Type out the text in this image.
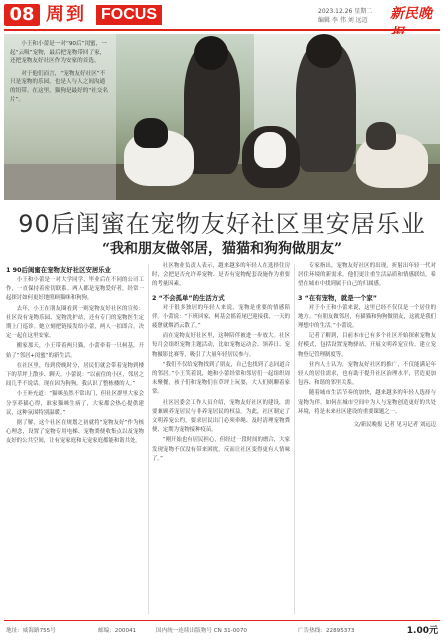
08 周到 FOCUS	2023.12.26 星期二
编辑 李 伟 刘 远迈 新民晚

小王和小蕾是一对“90后”闺蜜，一起“云吸”宠物，最后把宠物带回了家，还把宠物友好社区作为安家的首选。

对于他们而言，“宠物友好社区”不只是宠物的乐园，也是人与人之间沟通的纽带。在这里，猫狗是最好的“社交名片”。

90后闺蜜在宠物友好社区里安居乐业
“我和朋友做邻居，猫猫和狗狗做朋友”

1 90后闺蜜在宠物友好社区安居乐业

小王和小蕾是一对大学同学，毕业后在不同的公司工作，一直保持着密切联系。两人都是宠物爱好者，经常一起探讨如何更好地照顾猫咪和狗狗。

去年，小王在朋友圈看到一则宠物友好社区的宣传：社区设有宠物乐园、宠物洗护站，还有专门的宠物医生定期上门巡诊。她立刻把链接发给小蕾，两人一拍即合，决定一起在这里安家。

搬家那天，小王带着两只猫，小蕾牵着一只柯基，开始了“邻居+闺蜜”的新生活。

在社区里，每到傍晚时分，居民们就会带着宠物到楼下的草坪上散步、聊天。小蕾说：“以前住的小区，邻居之间几乎不说话。现在因为狗狗，我认识了整栋楼的人。”

小王补充道：“猫咪虽然不常出门，但社区群里大家会分享养猫心得，谁家猫咪生病了，大家都会热心提供建议，这种氛围特别温暖。”

据了解，这个社区在规划之初就将“宠物友好”作为核心理念，设置了宠物专用电梯、宠物粪便收集点以及宠物友好的公共空间，让有宠家庭和无宠家庭都能和谐共处。

社区物业负责人表示，越来越多的年轻人在选择住房时，会把是否允许养宠物、是否有宠物配套设施作为重要的考量因素。

2 “不会孤单”的生活方式

对于很多独居的年轻人来说，宠物是重要的情感陪伴。小蕾说：“下班回家，柯基会摇着尾巴迎接我，一天的疲惫就烟消云散了。”

而在宠物友好社区里，这种陪伴被进一步放大。社区每月会组织宠物主题活动，比如宠物运动会、领养日、宠物摄影比赛等，吸引了大量年轻居民参与。

“我们不仅给宠物找到了朋友，自己也找到了志同道合的邻居。”小王笑着说，她和小蕾经常和邻居们一起组织周末聚餐，孩子们和宠物们在草坪上玩耍，大人们则聊着家常。

社区居委会工作人员介绍，宠物友好社区的建设，需要兼顾养宠居民与非养宠居民的权益。为此，社区制定了文明养宠公约，要求居民出门必须牵绳、及时清理宠物粪便、定期为宠物接种疫苗。

“刚开始也有居民担心，但经过一段时间的磨合，大家发现宠物不仅没有带来困扰，反而让社区变得更有人情味了。”

专家指出，宠物友好社区的出现，折射出年轻一代对居住环境的新需求。他们更注重生活品质和情感联结，希望在城市中找到属于自己的归属感。

3 “在有宠物，就是一个家”

对于小王和小蕾来说，这里已经不仅仅是一个居住的地方。“有朋友做邻居，有猫猫和狗狗做朋友，这就是我们理想中的生活。”小蕾说。

记者了解到，目前本市已有多个社区开始探索宠物友好模式，包括设置宠物驿站、开展文明养宠宣传、建立宠物登记管理制度等。

业内人士认为，宠物友好社区的推广，不仅能满足年轻人的居住需求，也有助于提升社区治理水平，营造更加包容、和谐的邻里关系。

随着城市生活节奏的加快，越来越多的年轻人选择与宠物为伴。如何在城市空间中为人与宠物创造更好的共处环境，将是未来社区建设的重要课题之一。

文/新民晚报 记者 见习记者 刘远迈
地址：威海路755号	邮编：200041	国内统一连续出版物号 CN 31-0070	广告热线：22895373	1.00元
